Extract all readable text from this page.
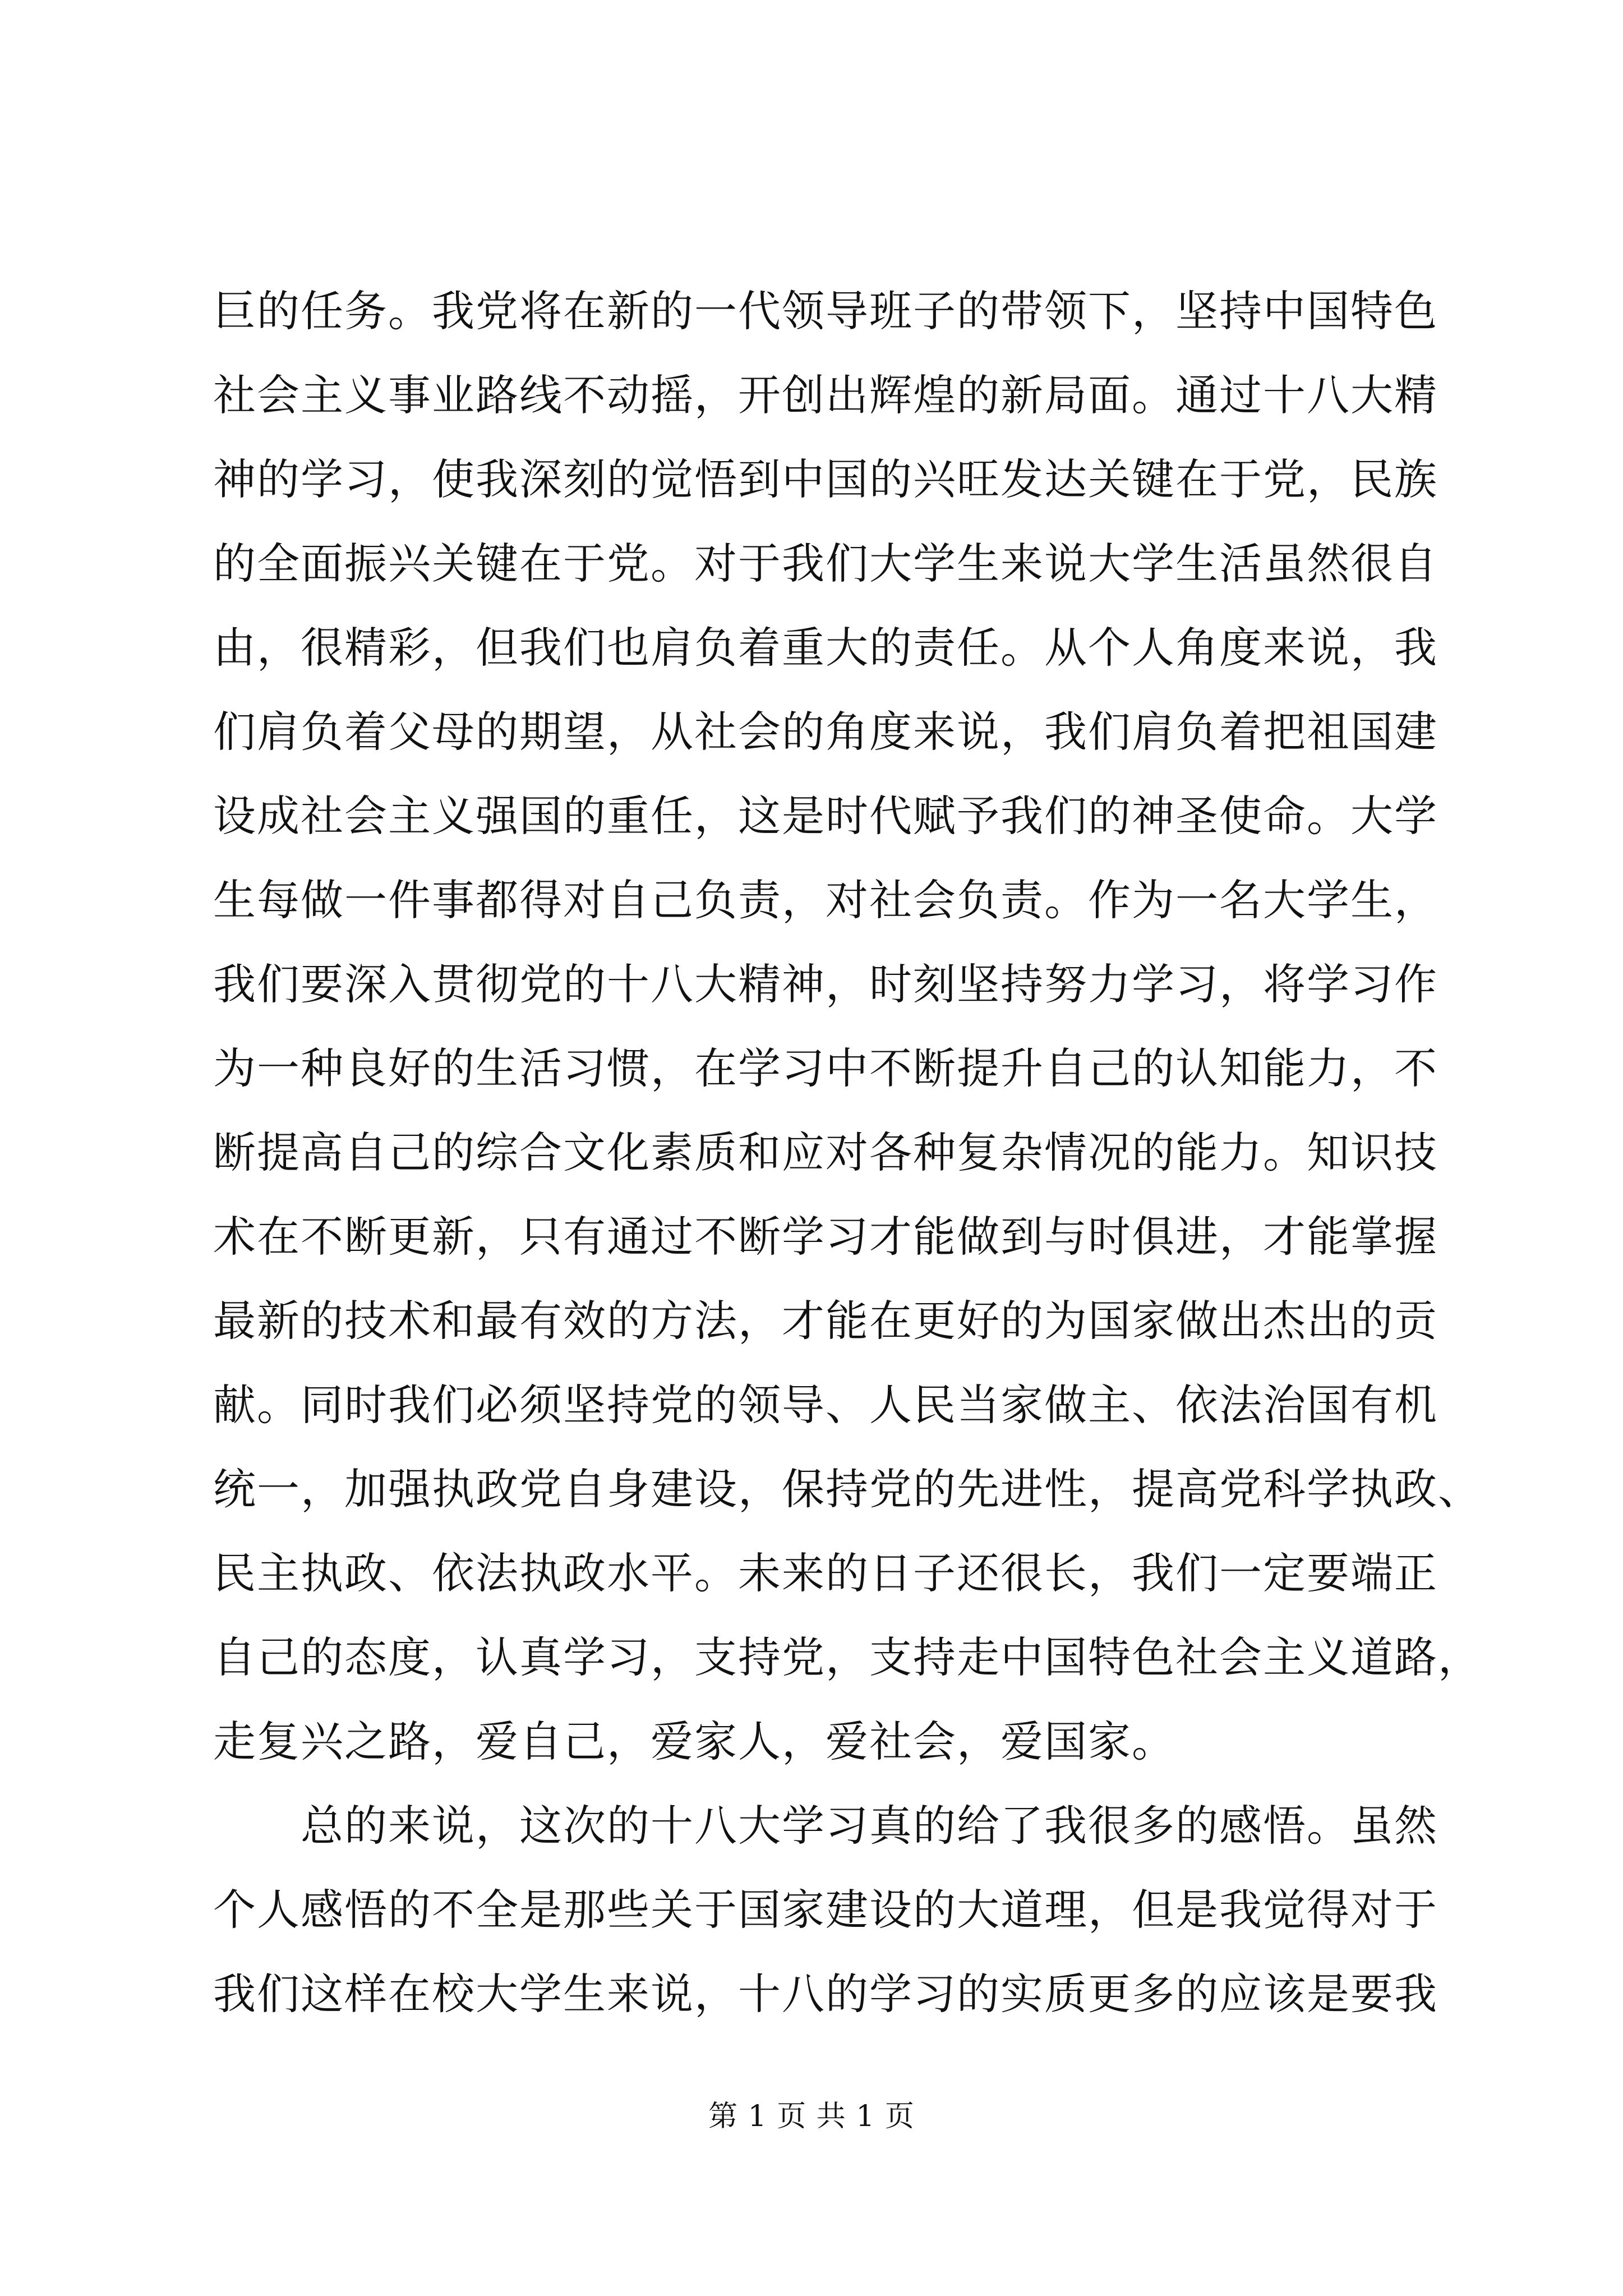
巨的任务。我党将在新的一代领导班子的带领下，坚持中国特色
社会主义事业路线不动摇，开创出辉煌的新局面。通过十八大精
神的学习，使我深刻的觉悟到中国的兴旺发达关键在于党，民族
的全面振兴关键在于党。对于我们大学生来说大学生活虽然很自
由，很精彩，但我们也肩负着重大的责任。从个人角度来说，我
们肩负着父母的期望，从社会的角度来说，我们肩负着把祖国建
设成社会主义强国的重任，这是时代赋予我们的神圣使命。大学
生每做一件事都得对自己负责，对社会负责。作为一名大学生，
我们要深入贯彻党的十八大精神，时刻坚持努力学习，将学习作
为一种良好的生活习惯，在学习中不断提升自己的认知能力，不
断提高自己的综合文化素质和应对各种复杂情况的能力。知识技
术在不断更新，只有通过不断学习才能做到与时俱进，才能掌握
最新的技术和最有效的方法，才能在更好的为国家做出杰出的贡
献。同时我们必须坚持党的领导、人民当家做主、依法治国有机
统一，加强执政党自身建设，保持党的先进性，提高党科学执政、
民主执政、依法执政水平。未来的日子还很长，我们一定要端正
自己的态度，认真学习，支持党，支持走中国特色社会主义道路，
走复兴之路，爱自己，爱家人，爱社会，爱国家。
总的来说，这次的十八大学习真的给了我很多的感悟。虽然
个人感悟的不全是那些关于国家建设的大道理，但是我觉得对于
我们这样在校大学生来说，十八的学习的实质更多的应该是要我
第 1 页 共 1 页
